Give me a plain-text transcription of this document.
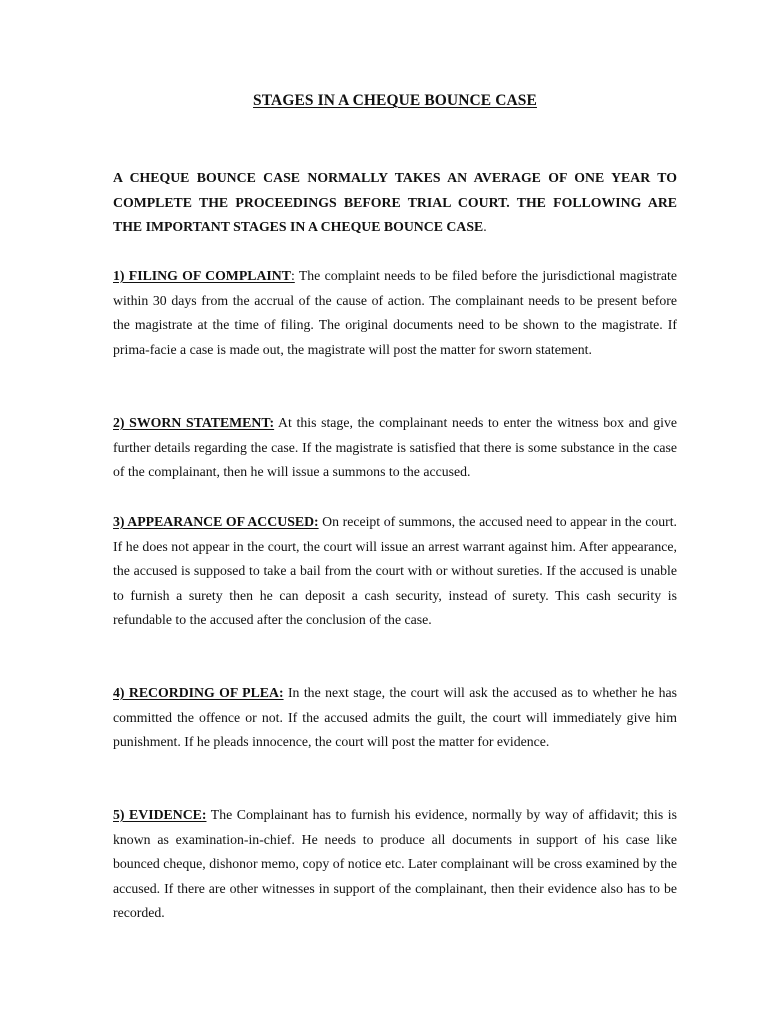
STAGES IN A CHEQUE BOUNCE CASE

A CHEQUE BOUNCE CASE NORMALLY TAKES AN AVERAGE OF ONE YEAR TO COMPLETE THE PROCEEDINGS BEFORE TRIAL COURT. THE FOLLOWING ARE THE IMPORTANT STAGES IN A CHEQUE BOUNCE CASE.

1) FILING OF COMPLAINT: The complaint needs to be filed before the jurisdictional magistrate within 30 days from the accrual of the cause of action. The complainant needs to be present before the magistrate at the time of filing. The original documents need to be shown to the magistrate. If prima-facie a case is made out, the magistrate will post the matter for sworn statement.

2) SWORN STATEMENT: At this stage, the complainant needs to enter the witness box and give further details regarding the case. If the magistrate is satisfied that there is some substance in the case of the complainant, then he will issue a summons to the accused.

3) APPEARANCE OF ACCUSED: On receipt of summons, the accused need to appear in the court. If he does not appear in the court, the court will issue an arrest warrant against him. After appearance, the accused is supposed to take a bail from the court with or without sureties. If the accused is unable to furnish a surety then he can deposit a cash security, instead of surety. This cash security is refundable to the accused after the conclusion of the case.

4) RECORDING OF PLEA: In the next stage, the court will ask the accused as to whether he has committed the offence or not. If the accused admits the guilt, the court will immediately give him punishment. If he pleads innocence, the court will post the matter for evidence.

5) EVIDENCE: The Complainant has to furnish his evidence, normally by way of affidavit; this is known as examination-in-chief. He needs to produce all documents in support of his case like bounced cheque, dishonor memo, copy of notice etc. Later complainant will be cross examined by the accused. If there are other witnesses in support of the complainant, then their evidence also has to be recorded.
